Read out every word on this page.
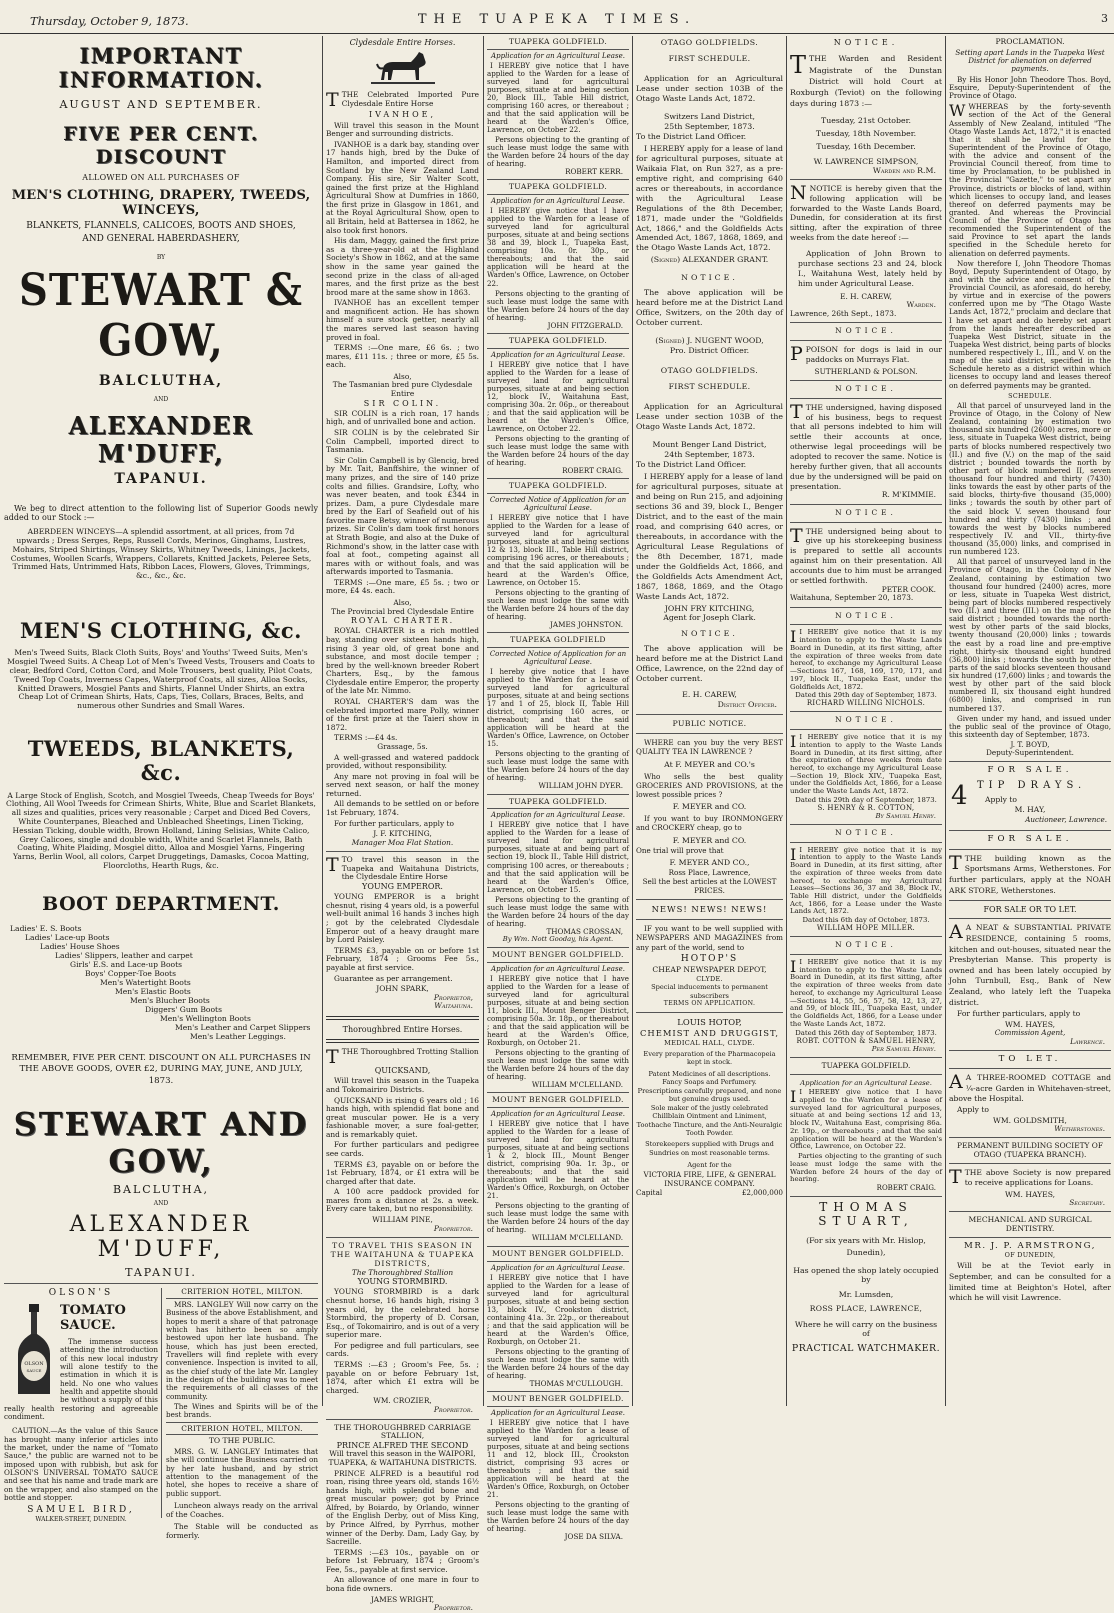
Thursday, October 9, 1873.	THE TUAPEKA TIMES.	3
IMPORTANT INFORMATION.
AUGUST AND SEPTEMBER.
FIVE PER CENT. DISCOUNT
ALLOWED ON ALL PURCHASES OF
MEN'S CLOTHING, DRAPERY, TWEEDS, WINCEYS,
BLANKETS, FLANNELS, CALICOES, BOOTS AND SHOES,
AND GENERAL HABERDASHERY,
BY
STEWART & GOW,
BALCLUTHA,
AND
ALEXANDER M'DUFF,
TAPANUI.
We beg to direct attention to the following list of Superior Goods newly added to our Stock :—
ABERDEEN WINCEYS—A splendid assortment, at all prices, from 7d upwards ; Dress Serges, Reps, Russell Cords, Merinos, Ginghams, Lustres, Mohairs, Striped Shirtings, Winsey Skirts, Whitney Tweeds, Linings, Jackets, Costumes, Woollen Scarfs, Wrappers, Collarets, Knitted Jackets, Peleree Sets, Trimmed Hats, Untrimmed Hats, Ribbon Laces, Flowers, Gloves, Trimmings, &c., &c., &c.
MEN'S CLOTHING, &c.
Men's Tweed Suits, Black Cloth Suits, Boys' and Youths' Tweed Suits, Men's Mosgiel Tweed Suits. A Cheap Lot of Men's Tweed Vests, Trousers and Coats to clear, Bedford Cord, Cotton Cord, and Mole Trousers, best quality, Pilot Coats, Tweed Top Coats, Inverness Capes, Waterproof Coats, all sizes, Alloa Socks, Knitted Drawers, Mosgiel Pants and Shirts, Flannel Under Shirts, an extra Cheap Lot of Crimean Shirts, Hats, Caps, Ties, Collars, Braces, Belts, and numerous other Sundries and Small Wares.
TWEEDS, BLANKETS, &c.
A Large Stock of English, Scotch, and Mosgiel Tweeds, Cheap Tweeds for Boys' Clothing, All Wool Tweeds for Crimean Shirts, White, Blue and Scarlet Blankets, all sizes and qualities, prices very reasonable ; Carpet and Diced Bed Covers, White Counterpanes, Bleached and Unbleached Sheetings, Linen Ticking, Hessian Ticking, double width, Brown Holland, Lining Selisias, White Calico, Grey Calicoes, single and double width, White and Scarlet Flannels, Bath Coating, White Plaiding, Mosgiel ditto, Alloa and Mosgiel Yarns, Fingering Yarns, Berlin Wool, all colors, Carpet Druggetings, Damasks, Cocoa Matting, Floorcloths, Hearth Rugs, &c.
BOOT DEPARTMENT.
Ladies' E. S. Boots
Ladies' Lace-up Boots
Ladies' House Shoes
Ladies' Slippers, leather and carpet
Girls' E.S. and Lace-up Boots
Boys' Copper-Toe Boots
Men's Watertight Boots
Men's Elastic Boots
Men's Blucher Boots
Diggers' Gum Boots
Men's Wellington Boots
Men's Leather and Carpet Slippers
Men's Leather Leggings.
REMEMBER, FIVE PER CENT. DISCOUNT ON ALL PURCHASES IN THE ABOVE GOODS, OVER £2, DURING MAY, JUNE, AND JULY, 1873.
STEWART AND GOW,
BALCLUTHA,
AND
ALEXANDER M'DUFF,
TAPANUI.
OLSON'S
OLSON
SAUCE
TOMATO SAUCE.
The immense success attending the introduction of this new local industry will alone testify to the estimation in which it is held. No one who values health and appetite should be without a supply of this really health restoring and agreeable condiment.
CAUTION.—As the value of this Sauce has brought many inferior articles into the market, under the name of "Tomato Sauce," the public are warned not to be imposed upon with rubbish, but ask for OLSON'S UNIVERSAL TOMATO SAUCE and see that his name and trade mark are on the wrapper, and also stamped on the bottle and stopper.
SAMUEL BIRD,
WALKER-STREET, DUNEDIN.
CRITERION HOTEL, MILTON.
MRS. LANGLEY Will now carry on the Business of the above Establishment, and hopes to merit a share of that patronage which has hitherto been so amply bestowed upon her late husband. The house, which has just been erected, Travellers will find replete with every convenience. Inspection is invited to all, as the chief study of the late Mr. Langley in the design of the building was to meet the requirements of all classes of the community.
The Wines and Spirits will be of the best brands.
CRITERION HOTEL, MILTON.
TO THE PUBLIC.
MRS. G. W. LANGLEY Intimates that she will continue the Business carried on by her late husband, and by strict attention to the management of the hotel, she hopes to receive a share of public support.
Luncheon always ready on the arrival of the Coaches.
The Stable will be conducted as formerly.
Clydesdale Entire Horses.
TTHE Celebrated Imported Pure Clydesdale Entire Horse
IVANHOE,
Will travel this season in the Mount Benger and surrounding districts.
IVANHOE is a dark bay, standing over 17 hands high, bred by the Duke of Hamilton, and imported direct from Scotland by the New Zealand Land Company. His sire, Sir Walter Scott, gained the first prize at the Highland Agricultural Show at Dumfries in 1860, the first prize in Glasgow in 1861, and at the Royal Agricultural Show, open to all Britain, held at Battersea in 1862, he also took first honors.
His dam, Maggy, gained the first prize as a three-year-old at the Highland Society's Show in 1862, and at the same show in the same year gained the second prize in the class of all-aged mares, and the first prize as the best brood mare at the same show in 1863.
IVANHOE has an excellent temper and magnificent action. He has shown himself a sure stock getter, nearly all the mares served last season having proved in foal.
TERMS :—One mare, £6 6s. ; two mares, £11 11s. ; three or more, £5 5s. each.
Also,
The Tasmanian bred pure Clydesdale Entire
SIR COLIN.
SIR COLIN is a rich roan, 17 hands high, and of unrivalled bone and action.
SIR COLIN is by the celebrated Sir Colin Campbell, imported direct to Tasmania.
Sir Colin Campbell is by Glencig, bred by Mr. Tait, Banffshire, the winner of many prizes, and the sire of 140 prize colts and fillies. Grandsire, Lofty, who was never beaten, and took £344 in prizes. Dam, a pure Clydesdale mare bred by the Earl of Seafield out of his favorite mare Betsy, winner of numerous prizes. Sir Colin's dam took first honors at Strath Bogie, and also at the Duke of Richmond's show, in the latter case with foal at foot., competing against all mares with or without foals, and was afterwards imported to Tasmania.
TERMS :—One mare, £5 5s. ; two or more, £4 4s. each.
Also,
The Provincial bred Clydesdale Entire
ROYAL CHARTER.
ROYAL CHARTER is a rich mottled bay, standing over sixteen hands high, rising 3 year old, of great bone and substance, and most docile temper ; bred by the well-known breeder Robert Charters, Esq., by the famous Clydesdale entire Emperor, the property of the late Mr. Nimmo.
ROYAL CHARTER'S dam was the celebrated imported mare Polly, winner of the first prize at the Taieri show in 1872.
TERMS :—£4 4s.
Grassage, 5s.
A well-grassed and watered paddock provided, without responsibility.
Any mare not proving in foal will be served next season, or half the money returned.
All demands to be settled on or before 1st February, 1874.
For further particulars, apply to
J. F. KITCHING,
Manager Moa Flat Station.
TTO travel this season in the Tuapeka and Waitahuna Districts, the Clydesdale Entire Horse
YOUNG EMPEROR.
YOUNG EMPEROR is a bright chesnut, rising 4 years old, is a powerful well-built animal 16 hands 3 inches high ; got by the celebrated Clydesdale Emperor out of a heavy draught mare by Lord Paisley.
TERMS £3, payable on or before 1st February, 1874 ; Grooms Fee 5s., payable at first service.
Guarantee as per arrangement.
JOHN SPARK,
Proprietor,
Waitahuna.
Thoroughbred Entire Horses.
TTHE Thoroughbred Trotting Stallion
QUICKSAND,
Will travel this season in the Tuapeka and Tokomairiro Districts.
QUICKSAND is rising 6 years old ; 16 hands high, with splendid flat bone and great muscular power. He is a very fashionable mover, a sure foal-getter, and is remarkably quiet.
For further particulars and pedigree see cards.
TERMS £3, payable on or before the 1st February, 1874, or £1 extra will be charged after that date.
A 100 acre paddock provided for mares from a distance at 2s. a week. Every care taken, but no responsibility.
WILLIAM PINE,
Proprietor.
TO TRAVEL THIS SEASON IN THE WAITAHUNA & TUAPEKA DISTRICTS,
The Thoroughbred Stallion
YOUNG STORMBIRD.
YOUNG STORMBIRD is a dark chesnut horse, 16 hands high, rising 3 years old, by the celebrated horse Stormbird, the property of D. Corsan, Esq., of Tokomairiro, and is out of a very superior mare.
For pedigree and full particulars, see cards.
TERMS :—£3 ; Groom's Fee, 5s. ; payable on or before February 1st, 1874, after which £1 extra will be charged.
WM. CROZIER,
Proprietor.
THE THOROUGHBRED CARRIAGE STALLION,
PRINCE ALFRED THE SECOND
Will travel this season in the WAIPORI, TUAPEKA, & WAITAHUNA DISTRICTS.
PRINCE ALFRED is a beautiful rod roan, rising three years old, stands 16½ hands high, with splendid bone and great muscular power; got by Prince Alfred, by Boiardo, by Orlando, winner of the English Derby, out of Miss King, by Prince Alfred, by Pyrrhus, mother winner of the Derby. Dam, Lady Gay, by Sacreille.
TERMS :—£3 10s., payable on or before 1st February, 1874 ; Groom's Fee, 5s., payable at first service.
An allowance of one mare in four to bona fide owners.
JAMES WRIGHT,
Proprietor.
TUAPEKA GOLDFIELD.
Application for an Agricultural Lease.
I HEREBY give notice that I have applied to the Warden for a lease of surveyed land for agricultural purposes, situate at and being section 20, Block III., Table Hill district, comprising 160 acres, or thereabout ; and that the said application will be heard at the Warden's Office, Lawrence, on October 22.
Persons objecting to the granting of such lease must lodge the same with the Warden before 24 hours of the day of hearing.
ROBERT KERR.
TUAPEKA GOLDFIELD.
Application for an Agricultural Lease.
I HEREBY give notice that I have applied to the Warden for a lease of surveyed land for agricultural purposes, situate at and being sections 38 and 39, block I., Tuapeka East, comprising 10a. 0r. 30p., or thereabouts; and that the said application will be heard at the Warden's Office, Lawrence, on October 22.
Persons objecting to the granting of such lease must lodge the same with the Warden before 24 hours of the day of hearing.
JOHN FITZGERALD.
TUAPEKA GOLDFIELD.
Application for an Agricultural Lease.
I HEREBY give notice that I have applied to the Warden for a lease of surveyed land for agricultural purposes, situate at and being section 12, block IV., Waitahuna East, comprising 30a. 2r. 06p., or thereabout ; and that the said application will be heard at the Warden's Office, Lawrence, on October 22.
Persons objecting to the granting of such lease must lodge the same with the Warden before 24 hours of the day of hearing.
ROBERT CRAIG.
TUAPEKA GOLDFIELD.
Corrected Notice of Application for an Agricultural Lease.
I HEREBY give notice that I have applied to the Warden for a lease of surveyed land for agricultural purposes, situate at and being sections 12 & 13, block III., Table Hill district, comprising 196 acres, or thereabouts ; and that the said application will be heard at the Warden's Office, Lawrence, on October 15.
Persons objecting to the granting of such lease must lodge the same with the Warden before 24 hours of the day of hearing.
JAMES JOHNSTON.
TUAPEKA GOLDFIELD
Corrected Notice of Application for an Agricultural Lease.
I hereby give notice that I have applied to the Warden for a lease of surveyed land for agricultural purposes, situate at and being sections 17 and 1 of 25, block II, Table Hill district, comprising 160 acres, or thereabout; and that the said application will be heard at the Warden's Office, Lawrence, on October 15.
Persons objecting to the granting of such lease must lodge the same with the Warden before 24 hours of the day of hearing.
WILLIAM JOHN DYER.
TUAPEKA GOLDFIELD.
Application for an Agricultural Lease.
I HEREBY give notice that I have applied to the Warden for a lease of surveyed land for agricultural purposes, situate at and being part of section 19, block II., Table Hill district, comprising 100 acres, or thereabouts ; and that the said application will be heard at the Warden's Office, Lawrence, on October 15.
Persons objecting to the granting of such lease must lodge the same with the Warden before 24 hours of the day of hearing.
THOMAS CROSSAN,
By Wm. Nott Gooday, his Agent.
MOUNT BENGER GOLDFIELD.
Application for an Agricultural Lease.
I HEREBY give notice that I have applied to the Warden for a lease of surveyed land for agricultural purposes, situate at and being section 11, block III., Mount Benger District, comprising 50a. 3r. 18p., or thereabout ; and that the said application will be heard at the Warden's Office, Roxburgh, on October 21.
Persons objecting to the granting of such lease must lodge the same with the Warden before 24 hours of the day of hearing.
WILLIAM M'CLELLAND.
MOUNT BENGER GOLDFIELD.
Application for an Agricultural Lease.
I HEREBY give notice that I have applied to the Warden for a lease of surveyed land for agricultural purposes, situate at and being sections 1 & 2, block III., Mount Benger district, comprising 90a. 1r. 3p., or thereabouts; and that the said application will be heard at the Warden's Office, Roxburgh, on October 21.
Persons objecting to the granting of such lease must lodge the same with the Warden before 24 hours of the day of hearing.
WILLIAM M'CLELLAND.
MOUNT BENGER GOLDFIELD.
Application for an Agricultural Lease.
I HEREBY give notice that I have applied to the Warden for a lease of surveyed land for agricultural purposes, situate at and being section 13, block IV., Crookston district, containing 41a. 3r. 22p., or thereabout ; and that the said application will be heard at the Warden's Office, Roxburgh, on October 21.
Persons objecting to the granting of such lease must lodge the same with the Warden before 24 hours of the day of hearing.
THOMAS M'CULLOUGH.
MOUNT BENGER GOLDFIELD.
Application for an Agricultural Lease.
I HEREBY give notice that I have applied to the Warden for a lease of surveyed land for agricultural purposes, situate at and being sections 11 and 12, block III., Crookston district, comprising 93 acres or thereabouts ; and that the said application will be heard at the Warden's Office, Roxburgh, on October 21.
Persons objecting to the granting of such lease must lodge the same with the Warden before 24 hours of the day of hearing.
JOSE DA SILVA.
OTAGO GOLDFIELDS.
FIRST SCHEDULE.
Application for an Agricultural Lease under section 103B of the Otago Waste Lands Act, 1872.
Switzers Land District,
25th September, 1873.
To the District Land Officer.
I HEREBY apply for a lease of land for agricultural purposes, situate at Waikaia Flat, on Run 327, as a pre-emptive right, and comprising 640 acres or thereabouts, in accordance with the Agricultural Lease Regulations of the 8th December, 1871, made under the "Goldfields Act, 1866," and the Goldfields Acts Amended Act, 1867, 1868, 1869, and the Otago Waste Lands Act, 1872.
(Signed) ALEXANDER GRANT.
NOTICE.
The above application will be heard before me at the District Land Office, Switzers, on the 20th day of October current.
(Signed) J. NUGENT WOOD,
Pro. District Officer.
OTAGO GOLDFIELDS.
FIRST SCHEDULE.
Application for an Agricultural Lease under section 103B of the Otago Waste Lands Act, 1872.
Mount Benger Land District,
24th September, 1873.
To the District Land Officer.
I HEREBY apply for a lease of land for agricultural purposes, situate at and being on Run 215, and adjoining sections 36 and 39, block I., Benger District, and to the east of the main road, and comprising 640 acres, or thereabouts, in accordance with the Agricultural Lease Regulations of the 8th December, 1871, made under the Goldfields Act, 1866, and the Goldfields Acts Amendment Act, 1867, 1868, 1869, and the Otago Waste Lands Act, 1872.
JOHN FRY KITCHING,
Agent for Joseph Clark.
NOTICE.
The above application will be heard before me at the District Land Office, Lawrence, on the 22nd day of October current.
E. H. CAREW,
District Officer.
PUBLIC NOTICE.
WHERE can you buy the very BEST QUALITY TEA IN LAWRENCE ?
At F. MEYER and CO.'s
Who sells the best quality GROCERIES AND PROVISIONS, at the lowest possible prices ?
F. MEYER and CO.
If you want to buy IRONMONGERY and CROCKERY cheap, go to
F. MEYER and CO.
One trial will prove that
F. MEYER AND CO.,
Ross Place, Lawrence,
Sell the best articles at the LOWEST PRICES.
NEWS! NEWS! NEWS!
IF you want to be well supplied with NEWSPAPERS AND MAGAZINES from any part of the world, send to
HOTOP'S
CHEAP NEWSPAPER DEPOT,
CLYDE.
Special inducements to permanent subscribers
TERMS ON APPLICATION.
LOUIS HOTOP,
CHEMIST AND DRUGGIST,
MEDICAL HALL, CLYDE.
Every preparation of the Pharmacopeia kept in stock.
Patent Medicines of all descriptions.
Fancy Soaps and Perfumery.
Prescriptions carefully prepared, and none but genuine drugs used.
Sole maker of the justly celebrated Chillblain Ointment and Liniment, Toothache Tincture, and the Anti-Neuralgic Tooth Powder.
Storekeepers supplied with Drugs and Sundries on most reasonable terms.
Agent for the
VICTORIA FIRE, LIFE, & GENERAL INSURANCE COMPANY.
Capital	£2,000,000
NOTICE.
TTHE Warden and Resident Magistrate of the Dunstan District will hold Court at Roxburgh (Teviot) on the following days during 1873 :—
Tuesday, 21st October.
Tuesday, 18th November.
Tuesday, 16th December.
W. LAWRENCE SIMPSON,
Warden and R.M.
NNOTICE is hereby given that the following application will be forwarded to the Waste Lands Board, Dunedin, for consideration at its first sitting, after the expiration of three weeks from the date hereof :—
Application of John Brown to purchase sections 23 and 24, block I., Waitahuna West, lately held by him under Agricultural Lease.
E. H. CAREW,
Warden.
Lawrence, 26th Sept., 1873.
NOTICE.
PPOISON for dogs is laid in our paddocks on Murrays Flat.
SUTHERLAND & POLSON.
NOTICE.
TTHE undersigned, having disposed of his business, begs to request that all persons indebted to him will settle their accounts at once, otherwise legal proceedings will be adopted to recover the same. Notice is hereby further given, that all accounts due by the undersigned will be paid on presentation.
R. M'KIMMIE.
NOTICE.
TTHE undersigned being about to give up his storekeeping business is prepared to settle all accounts against him on their presentation. All accounts due to him must be arranged or settled forthwith.
PETER COOK.
Waitahuna, September 20, 1873.
NOTICE.
I I HEREBY give notice that it is my intention to apply to the Waste Lands Board in Dunedin, at its first sitting, after the expiration of three weeks from date hereof, to exchange my Agricultural Lease—Sections 167, 168, 169, 170, 171, and 197, block II., Tuapeka East, under the Goldfields Act, 1872.
Dated this 29th day of September, 1873.
RICHARD WILLING NICHOLS.
NOTICE.
I I HEREBY give notice that it is my intention to apply to the Waste Lands Board in Dunedin, at its first sitting, after the expiration of three weeks from date hereof, to exchange my Agricultural Lease—Section 19, Block XIV., Tuapeka East, under the Goldfields Act, 1866, for a Lease under the Waste Lands Act, 1872.
Dated this 29th day of September, 1873.
S. HENRY & R. COTTON,
By Samuel Henry.
NOTICE.
I I HEREBY give notice that it is my intention to apply to the Waste Lands Board in Dunedin, at its first sitting, after the expiration of three weeks from date hereof, to exchange my Agricultural Leases—Sections 36, 37 and 38, Block IV., Table Hill district, under the Goldfields Act, 1866, for a Lease under the Waste Lands Act, 1872.
Dated this 6th day of October, 1873.
WILLIAM HOPE MILLER.
NOTICE.
I I HEREBY give notice that it is my intention to apply to the Waste Lands Board in Dunedin, at its first sitting, after the expiration of three weeks from date hereof, to exchange my Agricultural Lease—Sections 14, 55, 56, 57, 58, 12, 13, 27, and 59, of block III., Tuapeka East, under the Goldfields Act, 1866, for a Lease under the Waste Lands Act, 1872.
Dated this 26th day of September, 1873.
ROBT. COTTON & SAMUEL HENRY,
Per Samuel Henry.
TUAPEKA GOLDFIELD.
Application for an Agricultural Lease.
I I HEREBY give notice that I have applied to the Warden for a lease of surveyed land for agricultural purposes, situate at and being sections 12 and 13, block IV., Waitahuna East, comprising 86a. 2r. 19p., or thereabouts ; and that the said application will be heard at the Warden's Office, Lawrence, on October 22.
Parties objecting to the granting of such lease must lodge the same with the Warden before 24 hours of the day of hearing.
ROBERT CRAIG.
THOMAS STUART,
(For six years with Mr. Hislop, Dunedin),
Has opened the shop lately occupied by
Mr. Lumsden,
ROSS PLACE, LAWRENCE,
Where he will carry on the business of
PRACTICAL WATCHMAKER.
PROCLAMATION.
Setting apart Lands in the Tuapeka West District for alienation on deferred payments.
By His Honor John Theodore Thos. Boyd, Esquire, Deputy-Superintendent of the Province of Otago.
WWHEREAS by the forty-seventh section of the Act of the General Assembly of New Zealand, intituled "The Otago Waste Lands Act, 1872," it is enacted that it shall be lawful for the Superintendent of the Province of Otago, with the advice and consent of the Provincial Council thereof, from time to time by Proclamation, to be published in the Provincial "Gazette," to set apart any Province, districts or blocks of land, within which licenses to occupy land, and leases thereof on deferred payments may be granted. And whereas the Provincial Council of the Province of Otago has recommended the Superintendent of the said Province to set apart the lands specified in the Schedule hereto for alienation on deferred payments.
Now therefore I, John Theodore Thomas Boyd, Deputy Superintendent of Otago, by and with the advice and consent of the Provincial Council, as aforesaid, do hereby, by virtue and in exercise of the powers conferred upon me by "The Otago Waste Lands Act, 1872," proclaim and declare that I have set apart and do hereby set apart from the lands hereafter described as Tuapeka West District, situate in the Tuapeka West district, being parts of blocks numbered respectively I., III., and V. on the map of the said district, specified in the Schedule hereto as a district within which licenses to occupy land and leases thereof on deferred payments may be granted.
SCHEDULE.
All that parcel of unsurveyed land in the Province of Otago, in the Colony of New Zealand, containing by estimation two thousand six hundred (2600) acres, more or less, situate in Tuapeka West district, being parts of blocks numbered respectively two (II.) and five (V.) on the map of the said district ; bounded towards the north by other part of block numbered II, seven thousand four hundred and thirty (7430) links towards the east by other parts of the said blocks, thirty-five thousand (35,000) links ; towards the south by other part of the said block V. seven thousand four hundred and thirty (7430) links ; and towards the west by blocks numbered respectively IV. and VII., thirty-five thousand (35,000) links, and comprised in run numbered 123.
All that parcel of unsurveyed land in the Province of Otago, in the Colony of New Zealand, containing by estimation two thousand four hundred (2400) acres, more or less, situate in Tuapeka West district, being part of blocks numbered respectively two (II.) and three (III.) on the map of the said district ; bounded towards the north-west by other parts of the said blocks, twenty thousand (20,000) links ; towards the east by a road line and pre-emptive right, thirty-six thousand eight hundred (36,800) links ; towards the south by other parts of the said blocks seventeen thousand six hundred (17,600) links ; and towards the west by other part of the said block numbered II, six thousand eight hundred (6800) links, and comprised in run numbered 137.
Given under my hand, and issued under the public seal of the province of Otago, this sixteenth day of September, 1873.
J. T. BOYD,
Deputy-Superintendent.
FOR SALE.
4 TIP DRAYS.
Apply to
M. HAY,
Auctioneer, Lawrence.
FOR SALE.
TTHE building known as the Sportsmans Arms, Wetherstones. For further particulars, apply at the NOAH ARK STORE, Wetherstones.
FOR SALE OR TO LET.
A A NEAT & SUBSTANTIAL PRIVATE RESIDENCE, containing 5 rooms, kitchen and out-houses, situated near the Presbyterian Manse. This property is owned and has been lately occupied by John Turnbull, Esq., Bank of New Zealand, who lately left the Tuapeka district.
For further particulars, apply to
WM. HAYES,
Commission Agent,
Lawrence.
TO LET.
A A THREE-ROOMED COTTAGE and ¼-acre Garden in Whitehaven-street, above the Hospital.
Apply to
WM. GOLDSMITH,
Wetherstones.
PERMANENT BUILDING SOCIETY OF OTAGO (TUAPEKA BRANCH).
TTHE above Society is now prepared to receive applications for Loans.
WM. HAYES,
Secretary.
MECHANICAL AND SURGICAL DENTISTRY.
MR. J. P. ARMSTRONG,
OF DUNEDIN,
Will be at the Teviot early in September, and can be consulted for a limited time at Beighton's Hotel, after which he will visit Lawrence.
